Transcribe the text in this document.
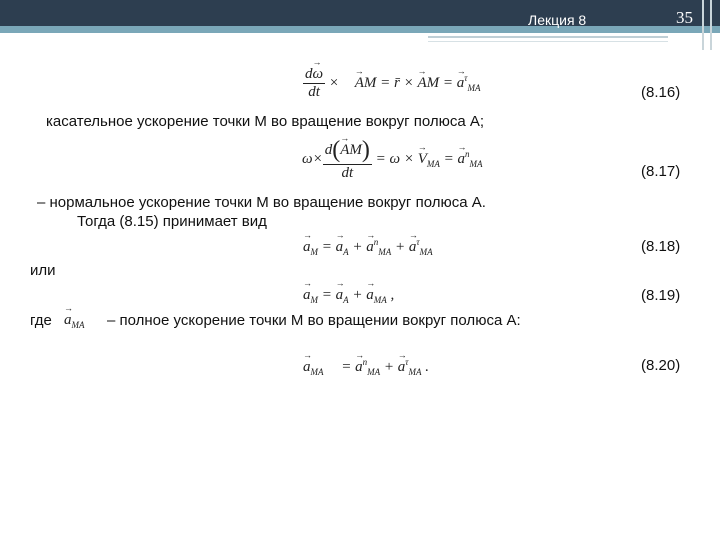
Лекция 8	35
$\frac{d\to \omega}{dt}$ × → AM = r̄ × → AM = → $a^\tau_{MA}$	(8.16)
касательное ускорение точки М во вращение вокруг полюса А;
$\omega\times \frac{d(\to AM)}{dt} = \omega$ × → $V_{MA}$ = → $a^n_{MA}$	(8.17)
– нормальное ускорение точки М во вращение вокруг полюса А.
Тогда (8.15) принимает вид
→ $a_M$ = → $a_A$ + → $a^n_{MA}$ + → $a^\tau_{MA}$	(8.18)
или
→ $a_M$ = → $a_A$ + → $a_{MA}$ ,	(8.19)
где → $a_{MA}$ – полное ускорение точки М во вращении вокруг полюса А:
→ $a_{MA}$ = → $a^n_{MA}$ + → $a^\tau_{MA}$ .	(8.20)
